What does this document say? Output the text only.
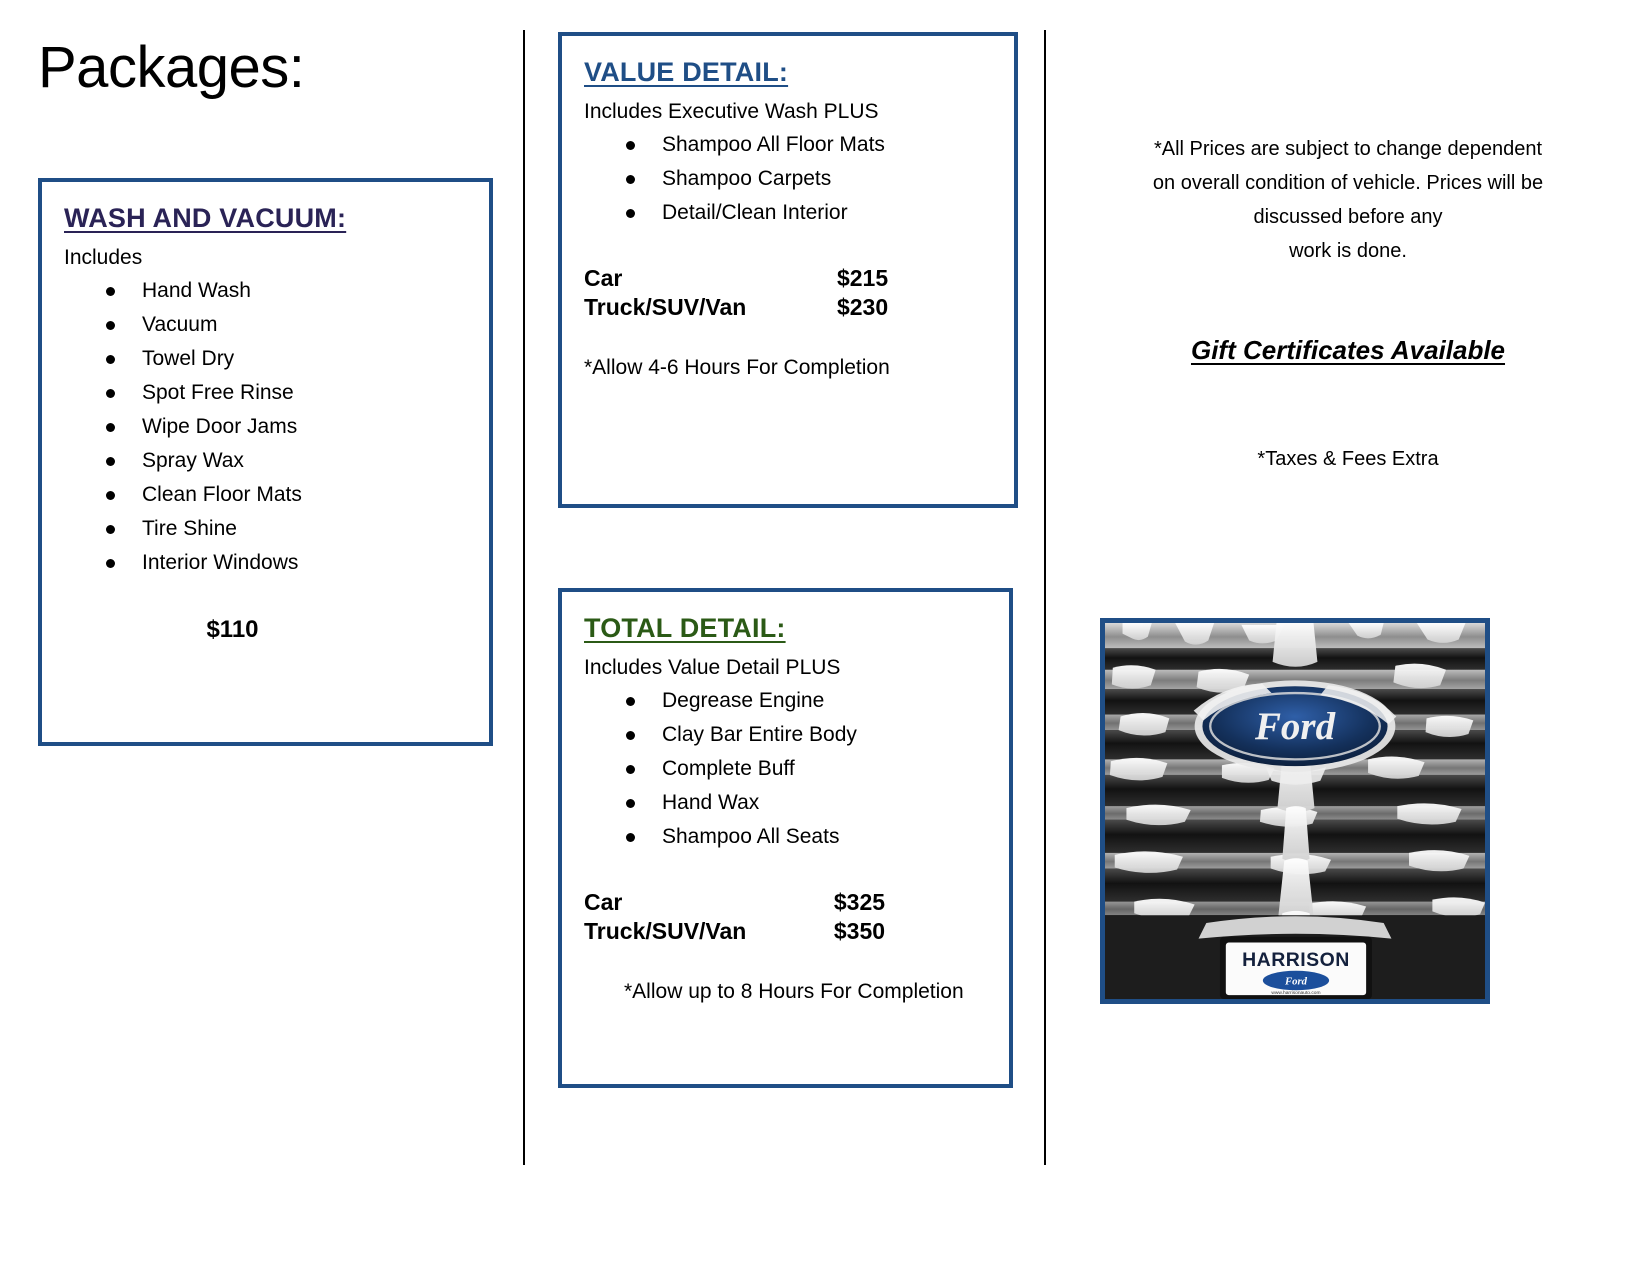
Packages:
WASH AND VACUUM:
Includes
Hand Wash
Vacuum
Towel Dry
Spot Free Rinse
Wipe Door Jams
Spray Wax
Clean Floor Mats
Tire Shine
Interior Windows
$110
VALUE DETAIL:
Includes Executive Wash PLUS
Shampoo All Floor Mats
Shampoo Carpets
Detail/Clean Interior
Car	$215
Truck/SUV/Van	$230
*Allow 4-6 Hours For Completion
TOTAL DETAIL:
Includes Value Detail PLUS
Degrease Engine
Clay Bar Entire Body
Complete Buff
Hand Wax
Shampoo All Seats
Car	$325
Truck/SUV/Van	$350
*Allow up to 8 Hours For Completion
*All Prices are subject to change dependent
on overall condition of vehicle. Prices will be
discussed before any
work is done.
Gift Certificates Available
*Taxes & Fees Extra
Ford
HARRISON
Ford
www.harrisonauto.com
